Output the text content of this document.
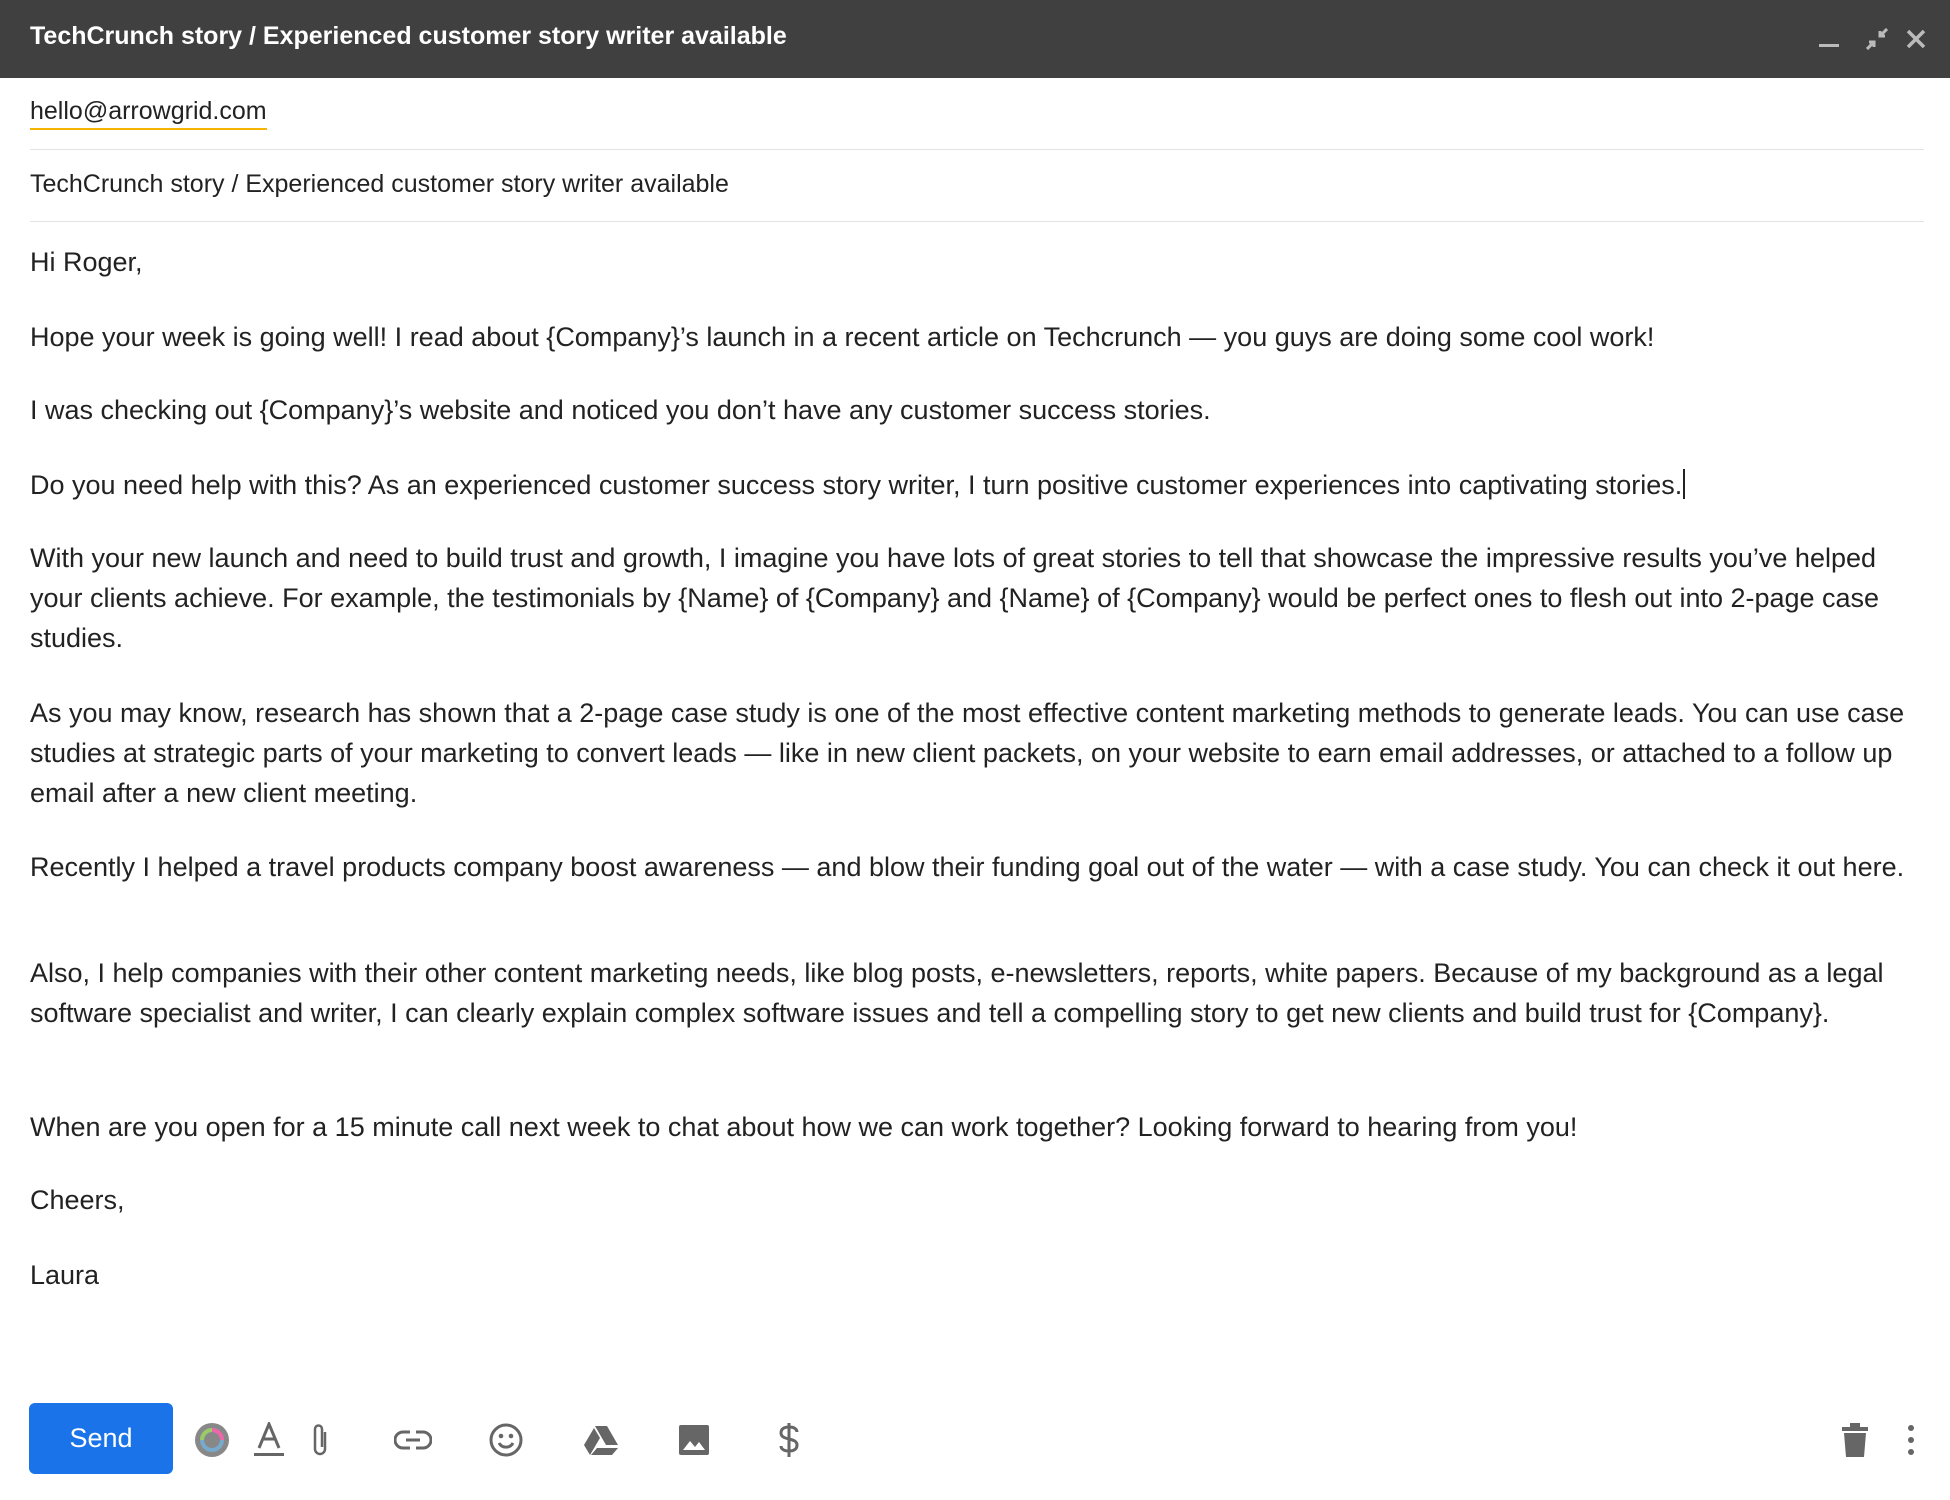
TechCrunch story / Experienced customer story writer available
hello@arrowgrid.com
TechCrunch story / Experienced customer story writer available
Hi Roger,
Hope your week is going well! I read about {Company}’s launch in a recent article on Techcrunch — you guys are doing some cool work!
I was checking out {Company}’s website and noticed you don’t have any customer success stories.
Do you need help with this? As an experienced customer success story writer, I turn positive customer experiences into captivating stories.
With your new launch and need to build trust and growth, I imagine you have lots of great stories to tell that showcase the impressive results you’ve helped your clients achieve. For example, the testimonials by {Name} of {Company} and {Name} of {Company} would be perfect ones to flesh out into 2-page case studies.
As you may know, research has shown that a 2-page case study is one of the most effective content marketing methods to generate leads. You can use case studies at strategic parts of your marketing to convert leads — like in new client packets, on your website to earn email addresses, or attached to a follow up email after a new client meeting.
Recently I helped a travel products company boost awareness — and blow their funding goal out of the water — with a case study. You can check it out here.
Also, I help companies with their other content marketing needs, like blog posts, e-newsletters, reports, white papers. Because of my background as a legal software specialist and writer, I can clearly explain complex software issues and tell a compelling story to get new clients and build trust for {Company}.
When are you open for a 15 minute call next week to chat about how we can work together? Looking forward to hearing from you!
Cheers,
Laura
Send
